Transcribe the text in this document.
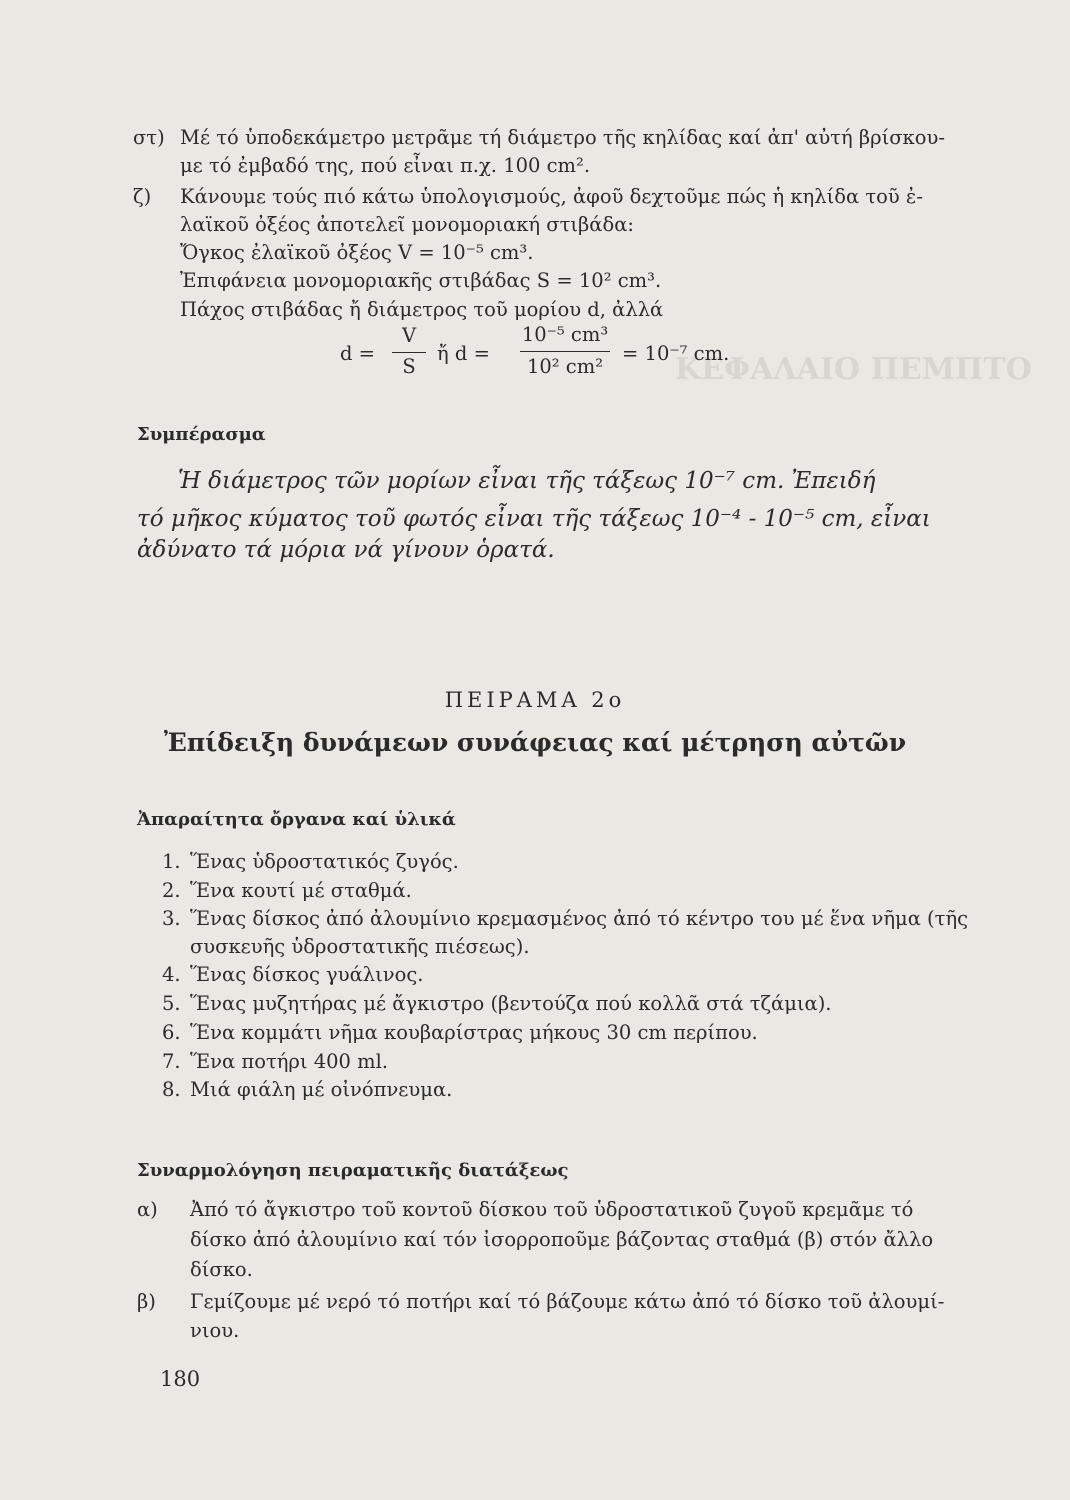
ΚΕΦΑΛΑΙΟ ΠΕΜΠΤΟ
στ) Μέ τό ὑποδεκάμετρο μετρᾶμε τή διάμετρο τῆς κηλίδας καί ἀπ' αὐτή βρίσκου-
με τό ἐμβαδό της, πού εἶναι π.χ. 100 cm².
ζ) Κάνουμε τούς πιό κάτω ὑπολογισμούς, ἀφοῦ δεχτοῦμε πώς ἡ κηλίδα τοῦ ἐ-
λαϊκοῦ ὀξέος ἀποτελεῖ μονομοριακή στιβάδα:
Ὄγκος ἐλαϊκοῦ ὀξέος V = 10⁻⁵ cm³.
Ἐπιφάνεια μονομοριακῆς στιβάδας S = 10² cm³.
Πάχος στιβάδας ἤ διάμετρος τοῦ μορίου d, ἀλλά
d =
V
S
ἤ d =
10⁻⁵ cm³
10² cm²
= 10⁻⁷ cm.
Συμπέρασμα
Ἡ διάμετρος τῶν μορίων εἶναι τῆς τάξεως 10⁻⁷ cm. Ἐπειδή
τό μῆκος κύματος τοῦ φωτός εἶναι τῆς τάξεως 10⁻⁴ - 10⁻⁵ cm, εἶναι
ἀδύνατο τά μόρια νά γίνουν ὁρατά.
ΠΕΙΡΑΜΑ 2ο
Ἐπίδειξη δυνάμεων συνάφειας καί μέτρηση αὐτῶν
Ἀπαραίτητα ὄργανα καί ὑλικά
1. Ἕνας ὑδροστατικός ζυγός.
2. Ἕνα κουτί μέ σταθμά.
3. Ἕνας δίσκος ἀπό ἀλουμίνιο κρεμασμένος ἀπό τό κέντρο του μέ ἕνα νῆμα (τῆς
συσκευῆς ὑδροστατικῆς πιέσεως).
4. Ἕνας δίσκος γυάλινος.
5. Ἕνας μυζητήρας μέ ἄγκιστρο (βεντούζα πού κολλᾶ στά τζάμια).
6. Ἕνα κομμάτι νῆμα κουβαρίστρας μήκους 30 cm περίπου.
7. Ἕνα ποτήρι 400 ml.
8. Μιά φιάλη μέ οἰνόπνευμα.
Συναρμολόγηση πειραματικῆς διατάξεως
α) Ἀπό τό ἄγκιστρο τοῦ κοντοῦ δίσκου τοῦ ὑδροστατικοῦ ζυγοῦ κρεμᾶμε τό
δίσκο ἀπό ἀλουμίνιο καί τόν ἰσορροποῦμε βάζοντας σταθμά (β) στόν ἄλλο
δίσκο.
β) Γεμίζουμε μέ νερό τό ποτήρι καί τό βάζουμε κάτω ἀπό τό δίσκο τοῦ ἀλουμί-
νιου.
180
